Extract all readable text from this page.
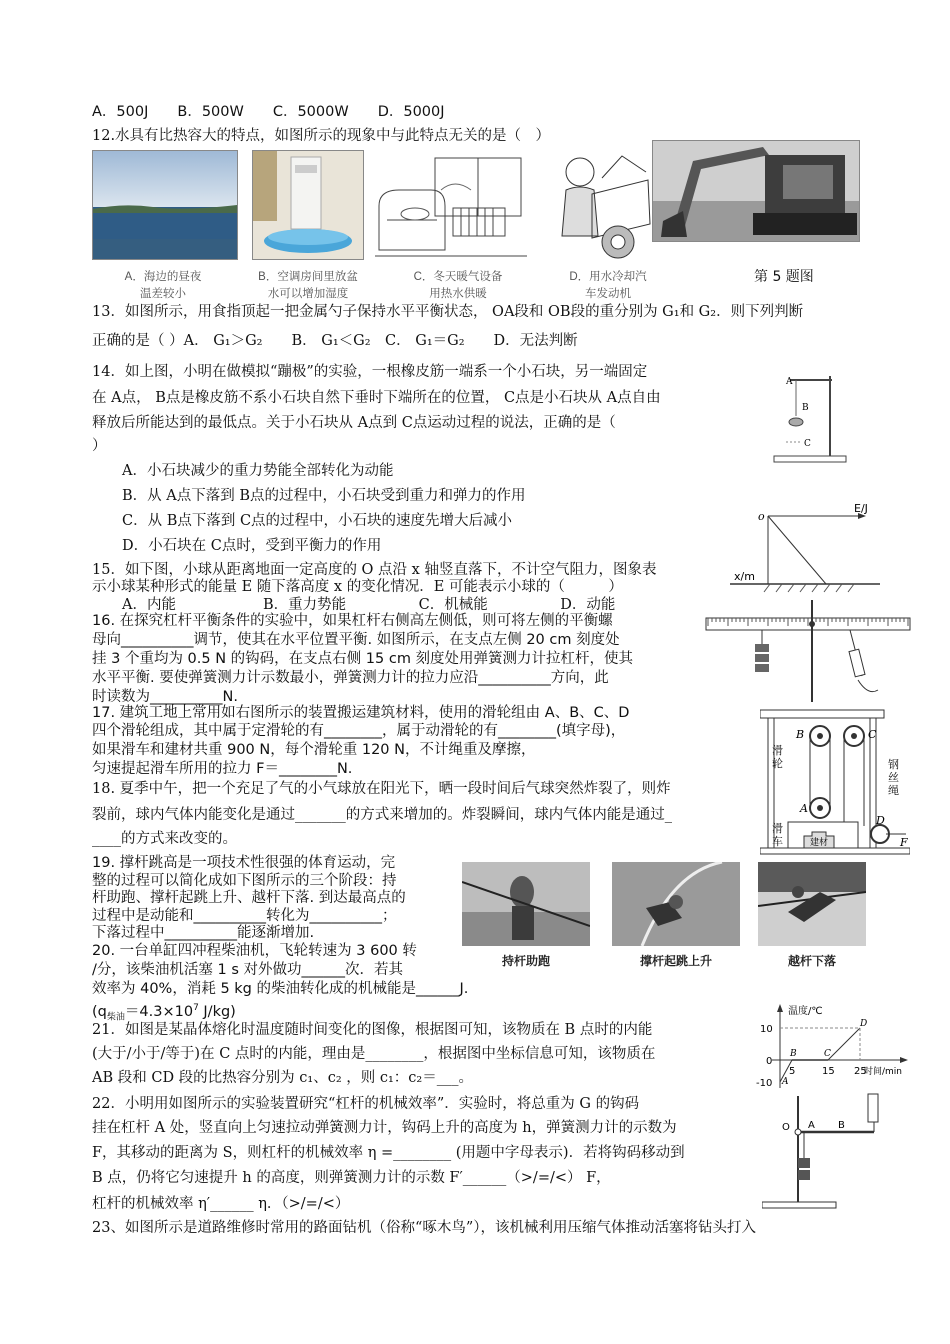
A．500J　　B．500W　　C．5000W　　D．5000J
12.水具有比热容大的特点，如图所示的现象中与此特点无关的是（　）
A．海边的昼夜
温差较小
B．空调房间里放盆
水可以增加湿度
C．冬天暖气设备
用热水供暖
D．用水冷却汽
车发动机
第 5 题图
13．如图所示，用食指顶起一把金属勺子保持水平平衡状态， OA段和 OB段的重分别为 G₁和 G₂．则下列判断
正确的是（ ）A． G₁＞G₂　　B． G₁＜G₂　C． G₁＝G₂　　D．无法判断
14．如上图，小明在做模拟“蹦极”的实验，一根橡皮筋一端系一个小石块，另一端固定
在 A点， B点是橡皮筋不系小石块自然下垂时下端所在的位置， C点是小石块从 A点自由
释放后所能达到的最低点。关于小石块从 A点到 C点运动过程的说法，正确的是（
）
A．小石块减少的重力势能全部转化为动能
B．从 A点下落到 B点的过程中，小石块受到重力和弹力的作用
C．从 B点下落到 C点的过程中，小石块的速度先增大后减小
D．小石块在 C点时，受到平衡力的作用
A
B
C
15．如下图，小球从距离地面一定高度的 O 点沿 x 轴竖直落下，不计空气阻力，图象表
示小球某种形式的能量 E 随下落高度 x 的变化情况．E 可能表示小球的（　　　）
A．内能　　　　　　B．重力势能　　　　　C．机械能　　　　　D．动能
o
E/J
x/m
16. 在探究杠杆平衡条件的实验中，如果杠杆右侧高左侧低，则可将左侧的平衡螺
母向__________调节，使其在水平位置平衡. 如图所示，在支点左侧 20 cm 刻度处
挂 3 个重均为 0.5 N 的钩码，在支点右侧 15 cm 刻度处用弹簧测力计拉杠杆，使其
水平平衡. 要使弹簧测力计示数最小，弹簧测力计的拉力应沿__________方向，此
时读数为__________N.
17. 建筑工地上常用如右图所示的装置搬运建筑材料，使用的滑轮组由 A、B、C、D
四个滑轮组成，其中属于定滑轮的有________，属于动滑轮的有________(填字母)，
如果滑车和建材共重 900 N，每个滑轮重 120 N，不计绳重及摩擦，
匀速提起滑车所用的拉力 F＝________N.
B	C
A
D
F
建材
滑轮
滑车
钢丝绳
18. 夏季中午，把一个充足了气的小气球放在阳光下，晒一段时间后气球突然炸裂了，则炸
裂前，球内气体内能变化是通过_______的方式来增加的。炸裂瞬间，球内气体内能是通过_
____的方式来改变的。
19. 撑杆跳高是一项技术性很强的体育运动，完
整的过程可以简化成如下图所示的三个阶段：持
杆助跑、撑杆起跳上升、越杆下落. 到达最高点的
过程中是动能和__________转化为__________；
下落过程中__________能逐渐增加.
持杆助跑	撑杆起跳上升	越杆下落
20. 一台单缸四冲程柴油机，飞轮转速为 3 600 转
/分，该柴油机活塞 1 s 对外做功______次．若其
效率为 40%，消耗 5 kg 的柴油转化成的机械能是______J.
($q_{柴油}=4.3\times 10^7$ J/kg)
21．如图是某晶体熔化时温度随时间变化的图像，根据图可知，该物质在 B 点时的内能
(大于/小于/等于)在 C 点时的内能，理由是________，根据图中坐标信息可知，该物质在
AB 段和 CD 段的比热容分别为 c₁、c₂ ，则 c₁：c₂＝___。
温度/℃
时间/min
10
0
-10
5	15 25
A
B	C
D
22．小明用如图所示的实验装置研究“杠杆的机械效率”．实验时，将总重为 G 的钩码
挂在杠杆 A 处，竖直向上匀速拉动弹簧测力计，钩码上升的高度为 h，弹簧测力计的示数为
F，其移动的距离为 S，则杠杆的机械效率 η =________ (用题中字母表示)．若将钩码移动到
B 点，仍将它匀速提升 h 的高度，则弹簧测力计的示数 F′______（>/=/<） F，
杠杆的机械效率 η′______ η．（>/=/<）
O A B
23、如图所示是道路维修时常用的路面钻机（俗称“啄木鸟”），该机械利用压缩气体推动活塞将钻头打入
